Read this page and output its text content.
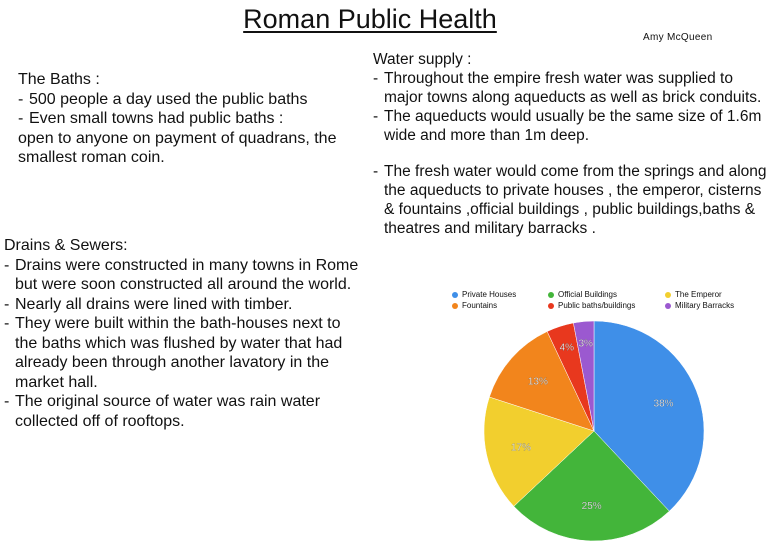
Roman Public Health
Amy McQueen
The Baths :
- 500 people a day used the public baths
- Even small towns had public baths :
open to anyone on payment of quadrans, the smallest roman coin.
Drains & Sewers:
- Drains were constructed in many towns in Rome but were soon constructed all around the world.
- Nearly all drains were lined with timber.
- They were built within the bath-houses next to the baths which was flushed by water that had already been through another lavatory in the market hall.
- The original source of water was rain water collected off of rooftops.
Water supply :
- Throughout the empire fresh water was supplied to major towns along aqueducts as well as brick conduits.
- The aqueducts would usually be the same size of 1.6m wide and more than 1m deep.
- The fresh water would come from the springs and along the aqueducts to private houses , the emperor, cisterns & fountains ,official buildings , public buildings,baths & theatres and military barracks .
Private Houses	Official Buildings	The Emperor
Fountains	Public baths/buildings	Military Barracks
38%
25%
17%
13%
4% 3%
